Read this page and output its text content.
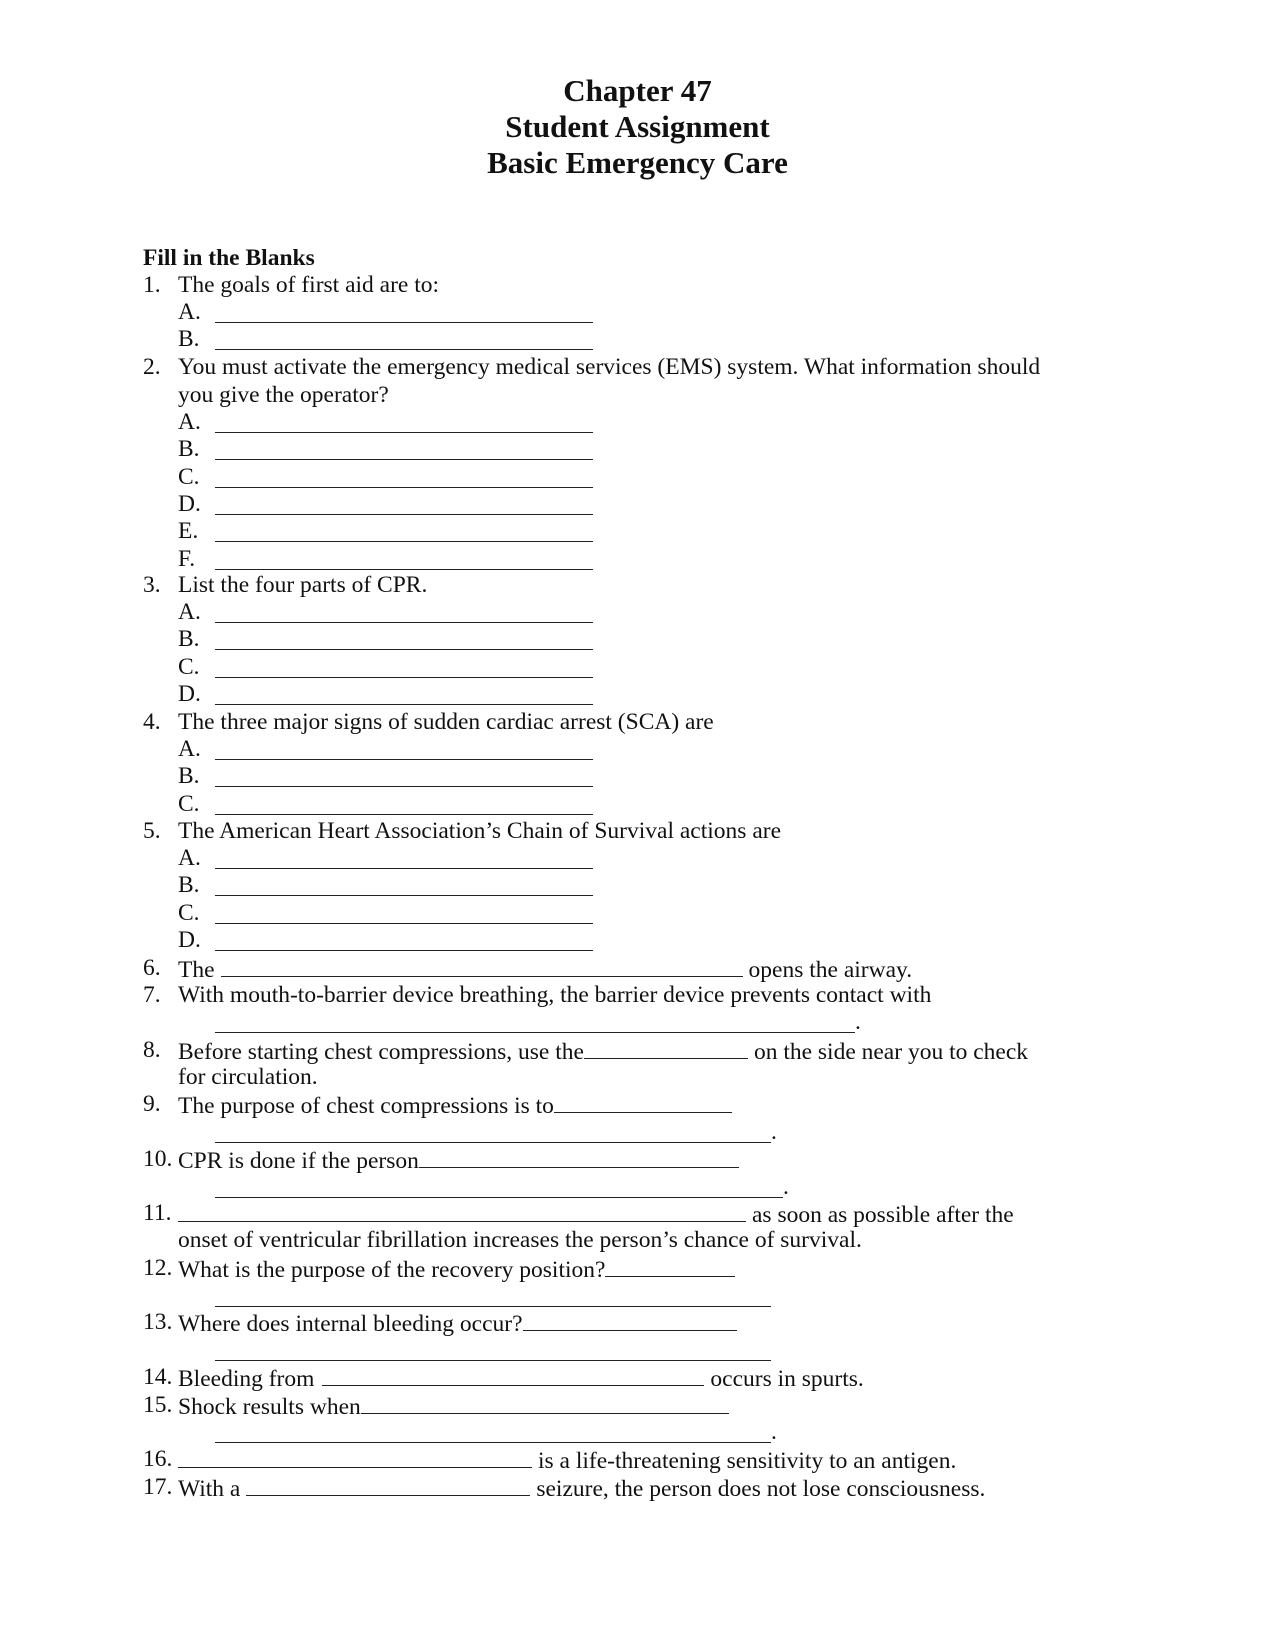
Chapter 47
Student Assignment
Basic Emergency Care
Fill in the Blanks
1. The goals of first aid are to:
A.
B.
2. You must activate the emergency medical services (EMS) system. What information should
you give the operator?
A.
B.
C.
D.
E.
F.
3. List the four parts of CPR.
A.
B.
C.
D.
4. The three major signs of sudden cardiac arrest (SCA) are
A.
B.
C.
5. The American Heart Association’s Chain of Survival actions are
A.
B.
C.
D.
6. The	opens the airway.
7. With mouth-to-barrier device breathing, the barrier device prevents contact with
.
8. Before starting chest compressions, use the	on the side near you to check
for circulation.
9. The purpose of chest compressions is to
.
10. CPR is done if the person
.
11.	as soon as possible after the
onset of ventricular fibrillation increases the person’s chance of survival.
12. What is the purpose of the recovery position?
13. Where does internal bleeding occur?
14. Bleeding from	occurs in spurts.
15. Shock results when
.
16.	is a life-threatening sensitivity to an antigen.
17. With a	seizure, the person does not lose consciousness.
